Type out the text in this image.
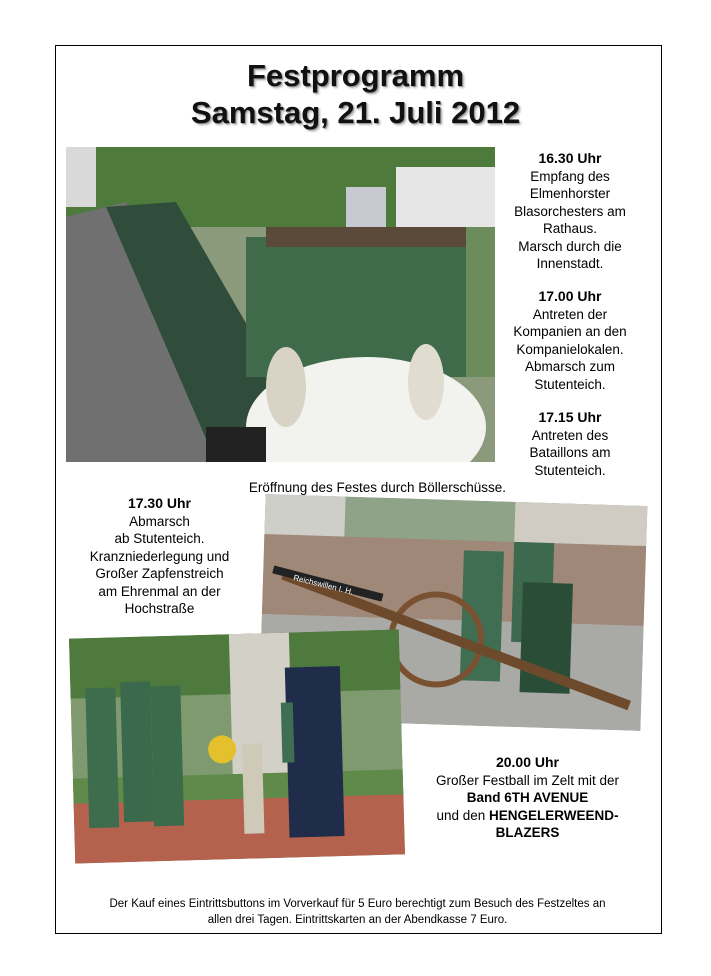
Festprogramm
Samstag, 21. Juli 2012
16.30 Uhr
Empfang des
Elmenhorster
Blasorchesters am
Rathaus.
Marsch durch die
Innenstadt.
17.00 Uhr
Antreten der
Kompanien an den
Kompanielokalen.
Abmarsch zum
Stutenteich.
17.15 Uhr
Antreten des
Bataillons am
Stutenteich.
Eröffnung des Festes durch Böllerschüsse.
17.30 Uhr
Abmarsch
ab Stutenteich.
Kranzniederlegung und
Großer Zapfenstreich
am Ehrenmal an der
Hochstraße
Reichswillen I. H.
20.00 Uhr
Großer Festball im Zelt mit der
Band 6TH AVENUE
und den HENGELERWEEND-
BLAZERS
Der Kauf eines Eintrittsbuttons im Vorverkauf für 5 Euro berechtigt zum Besuch des Festzeltes an
allen drei Tagen. Eintrittskarten an der Abendkasse 7 Euro.
